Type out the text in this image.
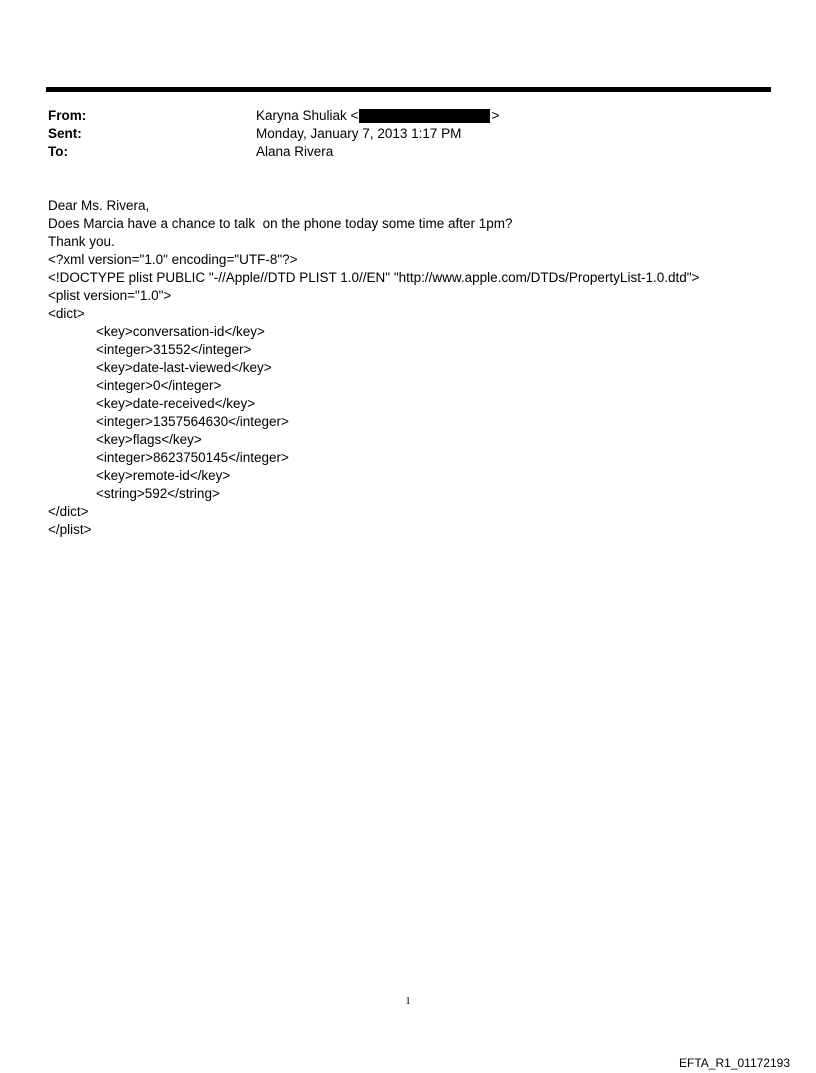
From:	Karyna Shuliak <	>
Sent:	Monday, January 7, 2013 1:17 PM
To:	Alana Rivera
Dear Ms. Rivera,
Does Marcia have a chance to talk  on the phone today some time after 1pm?
Thank you.
<?xml version="1.0" encoding="UTF-8"?>
<!DOCTYPE plist PUBLIC "-//Apple//DTD PLIST 1.0//EN" "http://www.apple.com/DTDs/PropertyList-1.0.dtd">
<plist version="1.0">
<dict>
<key>conversation-id</key>
<integer>31552</integer>
<key>date-last-viewed</key>
<integer>0</integer>
<key>date-received</key>
<integer>1357564630</integer>
<key>flags</key>
<integer>8623750145</integer>
<key>remote-id</key>
<string>592</string>
</dict>
</plist>
1
EFTA_R1_01172193
